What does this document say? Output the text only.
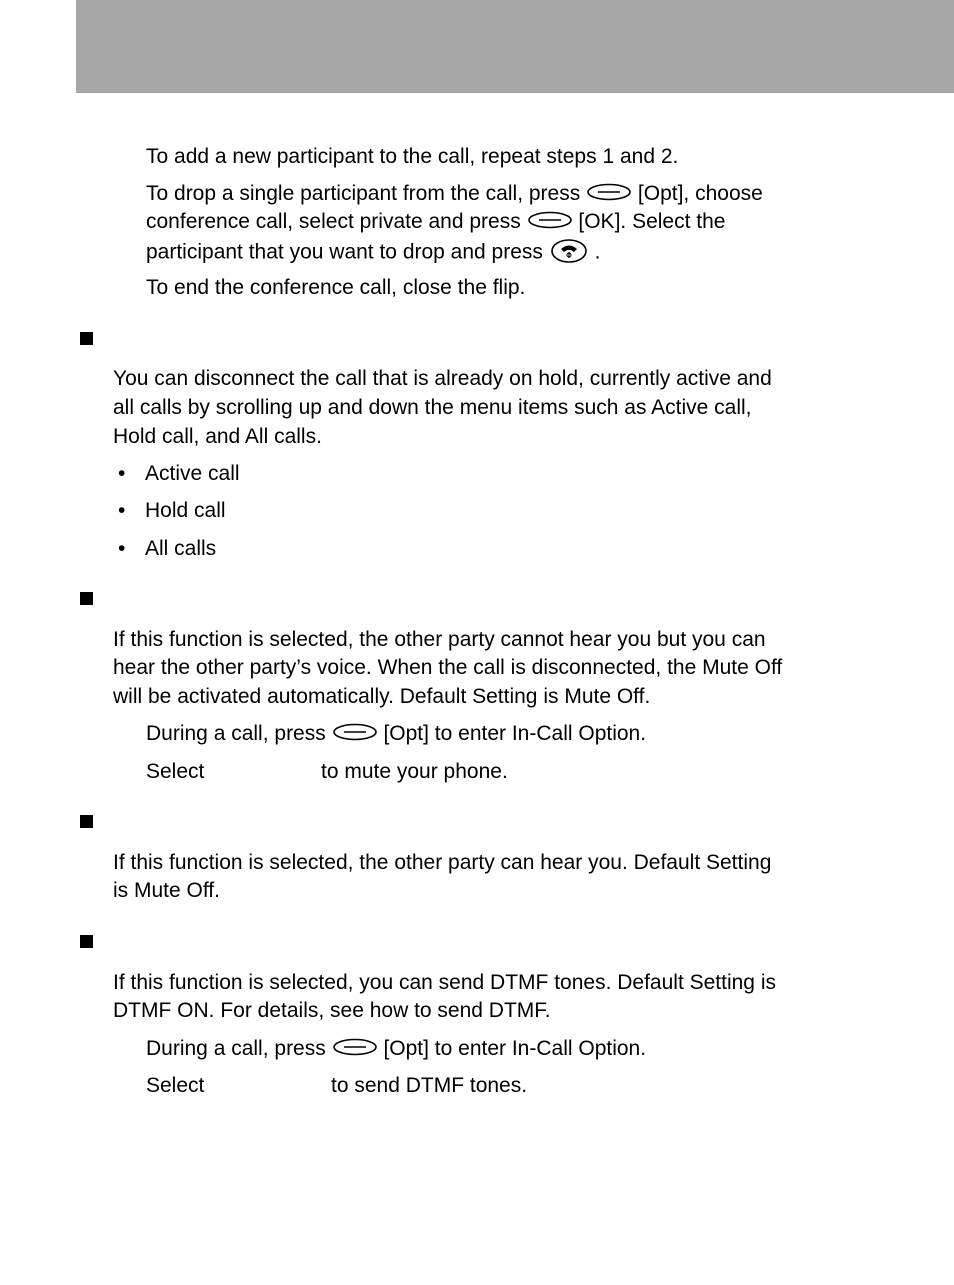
To add a new participant to the call, repeat steps 1 and 2.
To drop a single participant from the call, press	[Opt], choose
conference call, select private and press	[OK]. Select the
participant that you want to drop and press .
To end the conference call, close the flip.
You can disconnect the call that is already on hold, currently active and
all calls by scrolling up and down the menu items such as Active call,
Hold call, and All calls.
• Active call
• Hold call
• All calls
If this function is selected, the other party cannot hear you but you can
hear the other party’s voice. When the call is disconnected, the Mute Off
will be activated automatically. Default Setting is Mute Off.
During a call, press	[Opt] to enter In-Call Option.
Select	to mute your phone.
If this function is selected, the other party can hear you. Default Setting
is Mute Off.
If this function is selected, you can send DTMF tones. Default Setting is
DTMF ON. For details, see how to send DTMF.
During a call, press	[Opt] to enter In-Call Option.
Select	to send DTMF tones.
